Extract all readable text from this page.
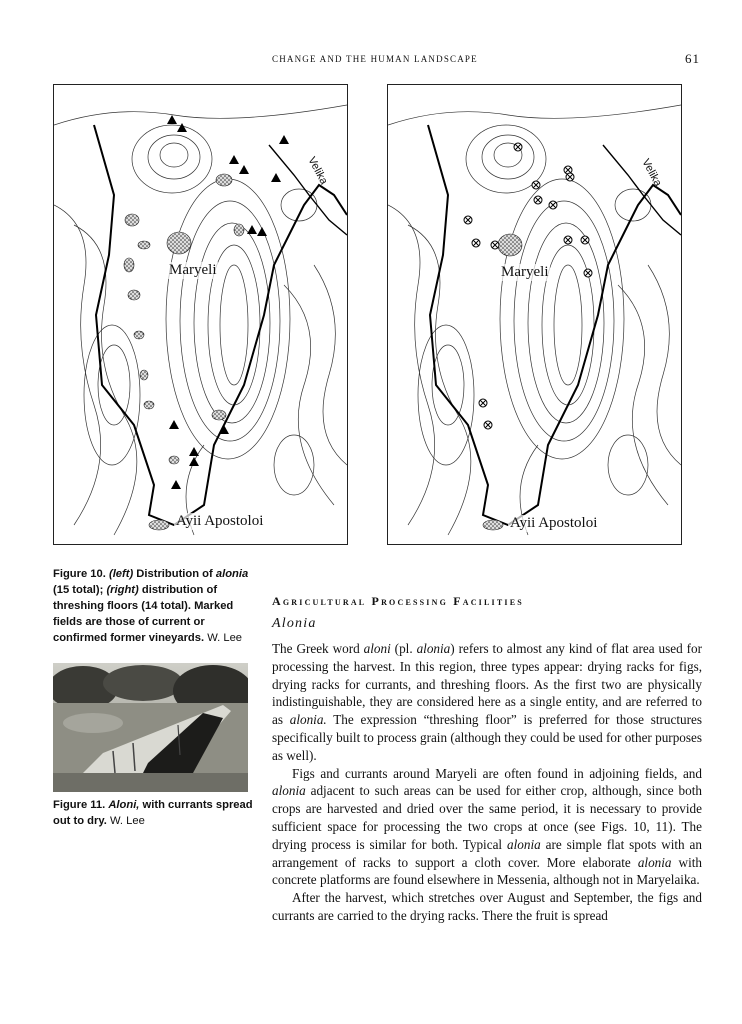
CHANGE AND THE HUMAN LANDSCAPE	61
Maryeli
Ayii Apostoloi
Velika
Maryeli
Ayii Apostoloi
Velika
Figure 10. (left) Distribution of alonia (15 total); (right) distribution of threshing floors (14 total). Marked fields are those of current or confirmed former vineyards. W. Lee
Figure 11. Aloni, with currants spread out to dry. W. Lee
Agricultural Processing Facilities
Alonia

The Greek word aloni (pl. alonia) refers to almost any kind of flat area used for processing the harvest. In this region, three types appear: drying racks for figs, drying racks for currants, and threshing floors. As the first two are physically indistinguishable, they are considered here as a single entity, and are referred to as alonia. The expression “threshing floor” is preferred for those structures specifically built to process grain (although they could be used for other purposes as well).

Figs and currants around Maryeli are often found in adjoining fields, and alonia adjacent to such areas can be used for either crop, although, since both crops are harvested and dried over the same period, it is necessary to provide sufficient space for processing the two crops at once (see Figs. 10, 11). The drying process is similar for both. Typical alonia are simple flat spots with an arrangement of racks to support a cloth cover. More elaborate alonia with concrete platforms are found elsewhere in Messenia, although not in Maryelaika.

After the harvest, which stretches over August and September, the figs and currants are carried to the drying racks. There the fruit is spread
